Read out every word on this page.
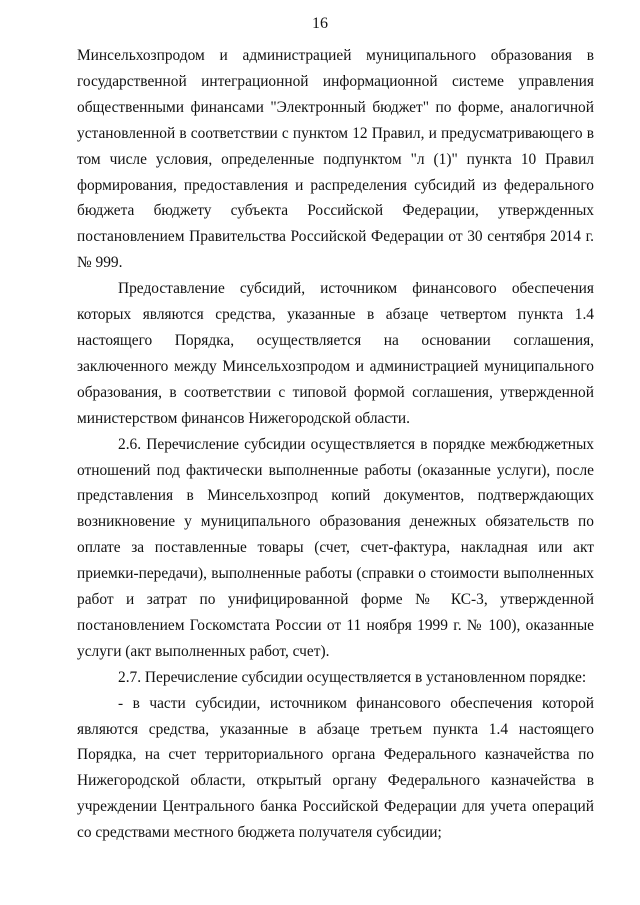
16

Минсельхозпродом и администрацией муниципального образования в государственной интеграционной информационной системе управления общественными финансами "Электронный бюджет" по форме, аналогичной установленной в соответствии с пунктом 12 Правил, и предусматривающего в том числе условия, определенные подпунктом "л (1)" пункта 10 Правил формирования, предоставления и распределения субсидий из федерального бюджета бюджету субъекта Российской Федерации, утвержденных постановлением Правительства Российской Федерации от 30 сентября 2014 г. № 999.

Предоставление субсидий, источником финансового обеспечения которых являются средства, указанные в абзаце четвертом пункта 1.4 настоящего Порядка, осуществляется на основании соглашения, заключенного между Минсельхозпродом и администрацией муниципального образования, в соответствии с типовой формой соглашения, утвержденной министерством финансов Нижегородской области.

2.6. Перечисление субсидии осуществляется в порядке межбюджетных отношений под фактически выполненные работы (оказанные услуги), после представления в Минсельхозпрод копий документов, подтверждающих возникновение у муниципального образования денежных обязательств по оплате за поставленные товары (счет, счет-фактура, накладная или акт приемки-передачи), выполненные работы (справки о стоимости выполненных работ и затрат по унифицированной форме № КС-3, утвержденной постановлением Госкомстата России от 11 ноября 1999 г. № 100), оказанные услуги (акт выполненных работ, счет).

2.7. Перечисление субсидии осуществляется в установленном порядке:

- в части субсидии, источником финансового обеспечения которой являются средства, указанные в абзаце третьем пункта 1.4 настоящего Порядка, на счет территориального органа Федерального казначейства по Нижегородской области, открытый органу Федерального казначейства в учреждении Центрального банка Российской Федерации для учета операций со средствами местного бюджета получателя субсидии;
